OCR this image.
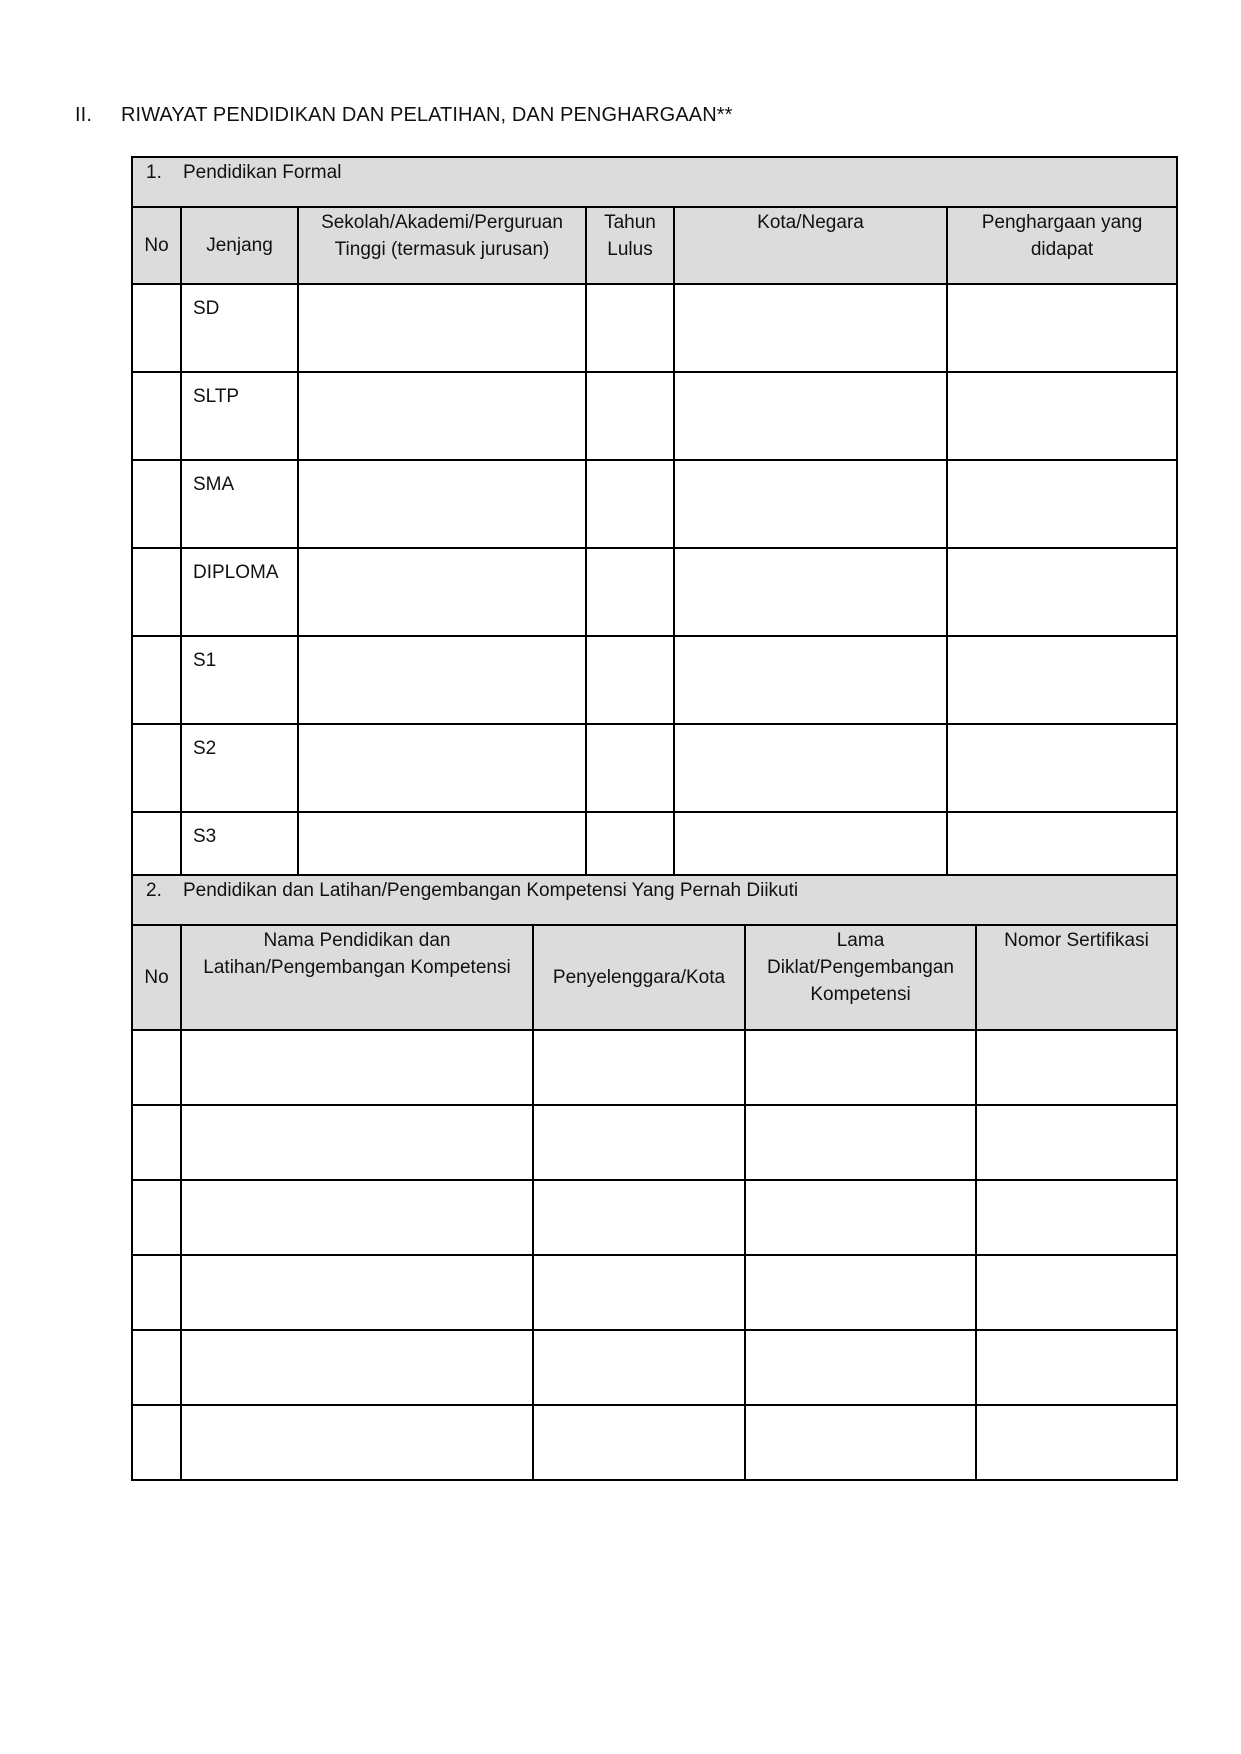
II. RIWAYAT PENDIDIKAN DAN PELATIHAN, DAN PENGHARGAAN**
1. Pendidikan Formal					
No	Jenjang	Sekolah/Akademi/Perguruan Tinggi (termasuk jurusan)	Tahun Lulus	Kota/Negara	Penghargaan yang didapat
	SD				
	SLTP				
	SMA				
	DIPLOMA				
	S1				
	S2				
	S3				
2. Pendidikan dan Latihan/Pengembangan Kompetensi Yang Pernah Diikuti				
No	Nama Pendidikan dan Latihan/Pengembangan Kompetensi	Penyelenggara/Kota	Lama Diklat/Pengembangan Kompetensi	Nomor Sertifikasi
